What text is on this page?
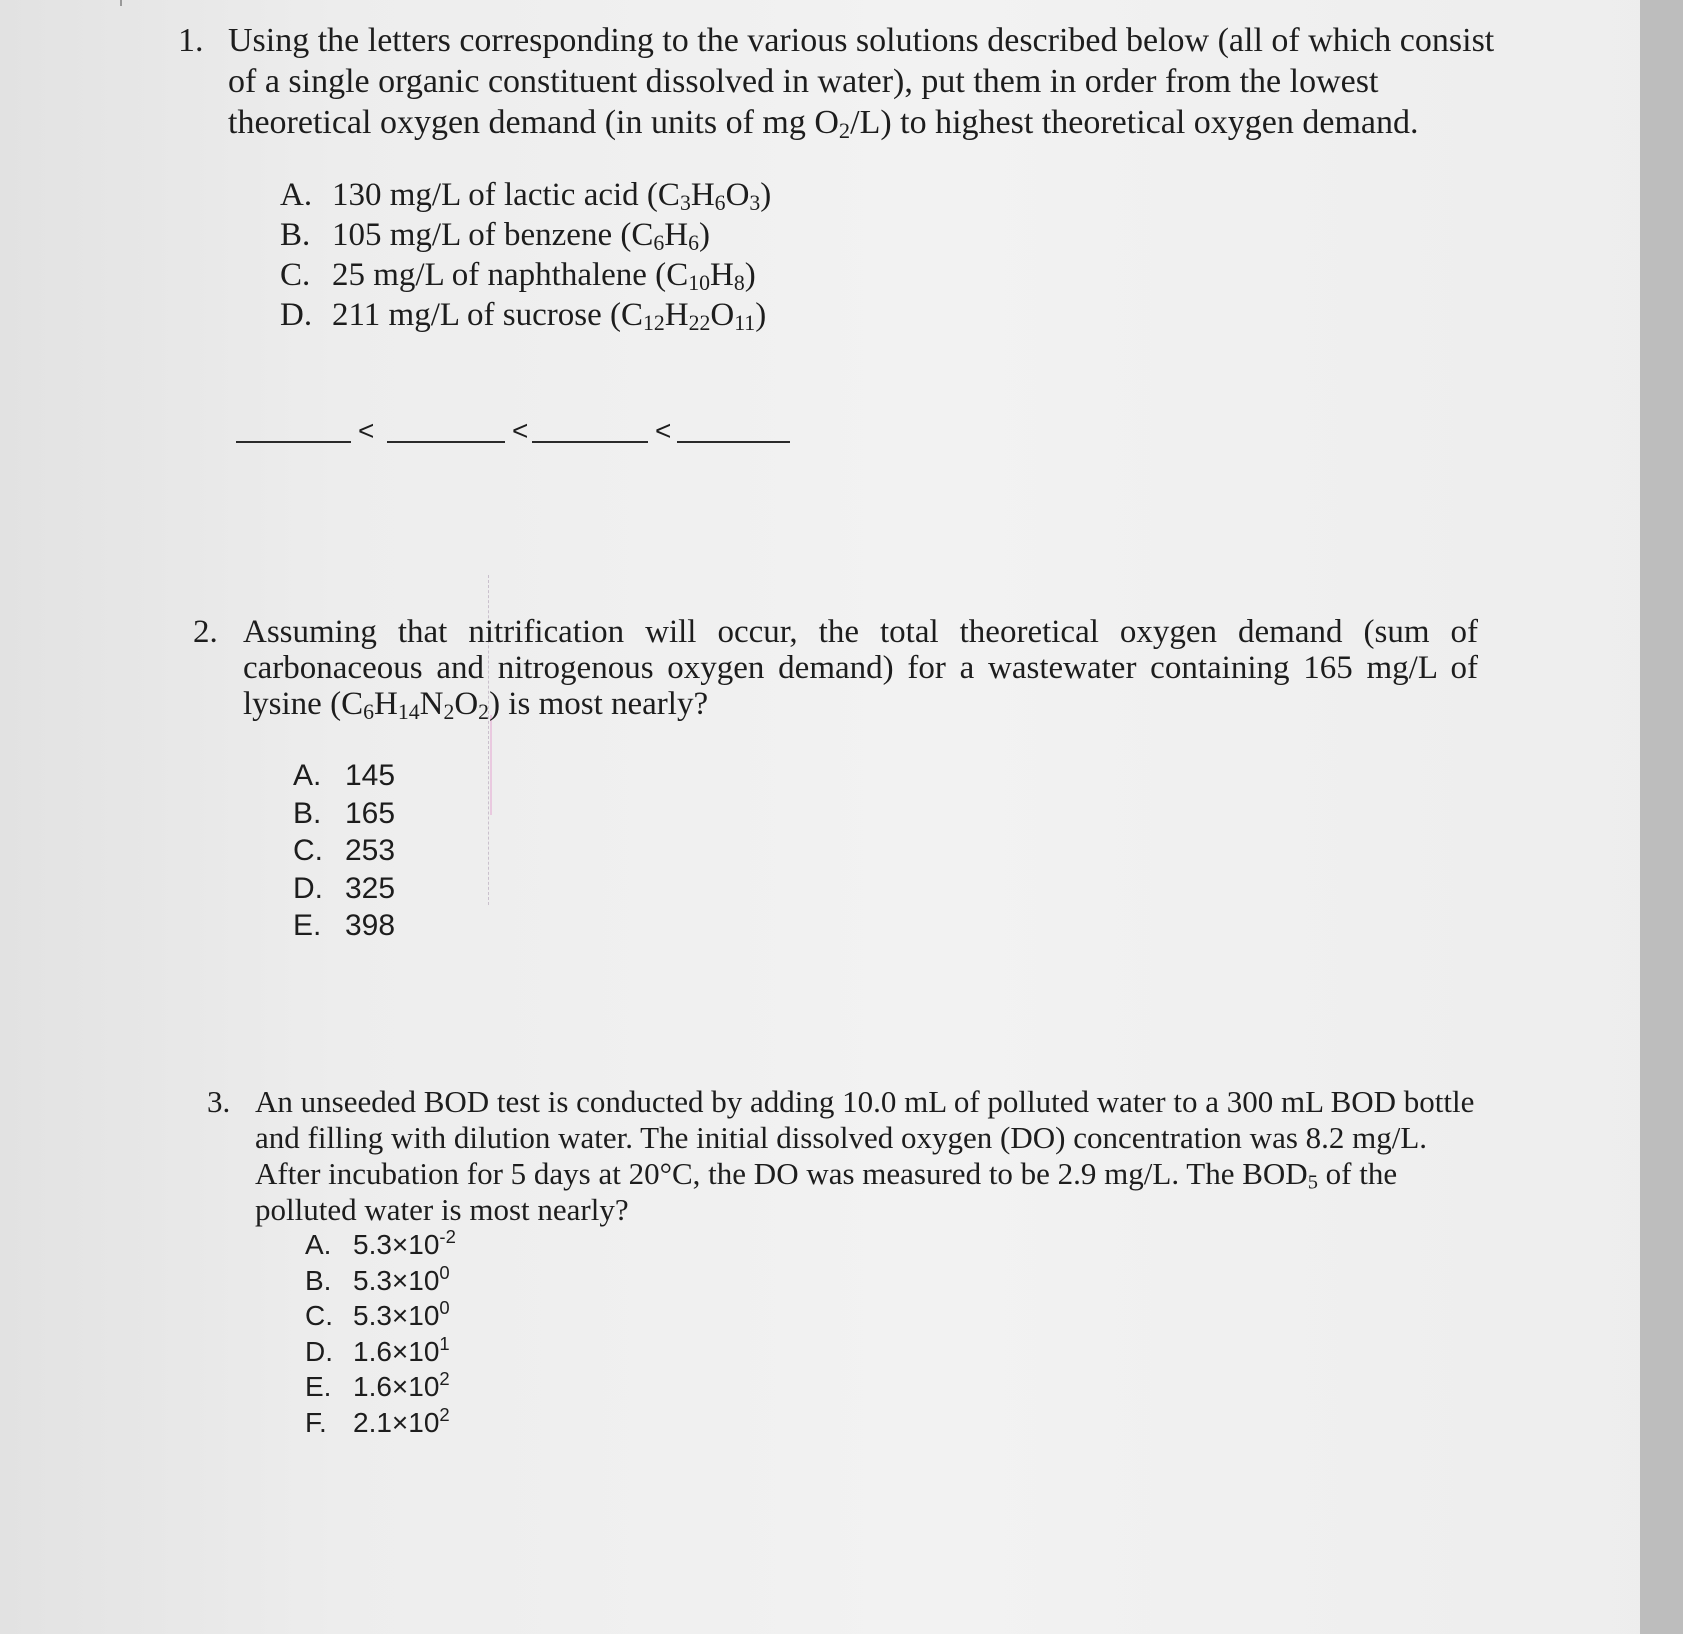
1. Using the letters corresponding to the various solutions described below (all of which consist of a single organic constituent dissolved in water), put them in order from the lowest theoretical oxygen demand (in units of mg $O_2/L$) to highest theoretical oxygen demand.
A. 130 mg/L of lactic acid $(C_3H_6O_3)$
B. 105 mg/L of benzene $(C_6H_6)$
C. 25 mg/L of naphthalene $(C_{10}H_8)$
D. 211 mg/L of sucrose $(C_{12}H_{22}O_{11})$
<	<	<
2. Assuming that nitrification will occur, the total theoretical oxygen demand (sum of carbonaceous and nitrogenous oxygen demand) for a wastewater containing 165 mg/L of lysine $(C_6H_{14}N_2O_2)$ is most nearly?
A. 145
B. 165
C. 253
D. 325
E. 398
3. An unseeded BOD test is conducted by adding 10.0 mL of polluted water to a 300 mL BOD bottle and filling with dilution water. The initial dissolved oxygen (DO) concentration was 8.2 mg/L. After incubation for 5 days at 20°C, the DO was measured to be 2.9 mg/L. The $BOD_5$ of the polluted water is most nearly?
A. $5.3\times 10^{-2}$
B. $5.3\times 10^0$
C. $5.3\times 10^0$
D. $1.6\times 10^1$
E. $1.6\times 10^2$
F. $2.1\times 10^2$
